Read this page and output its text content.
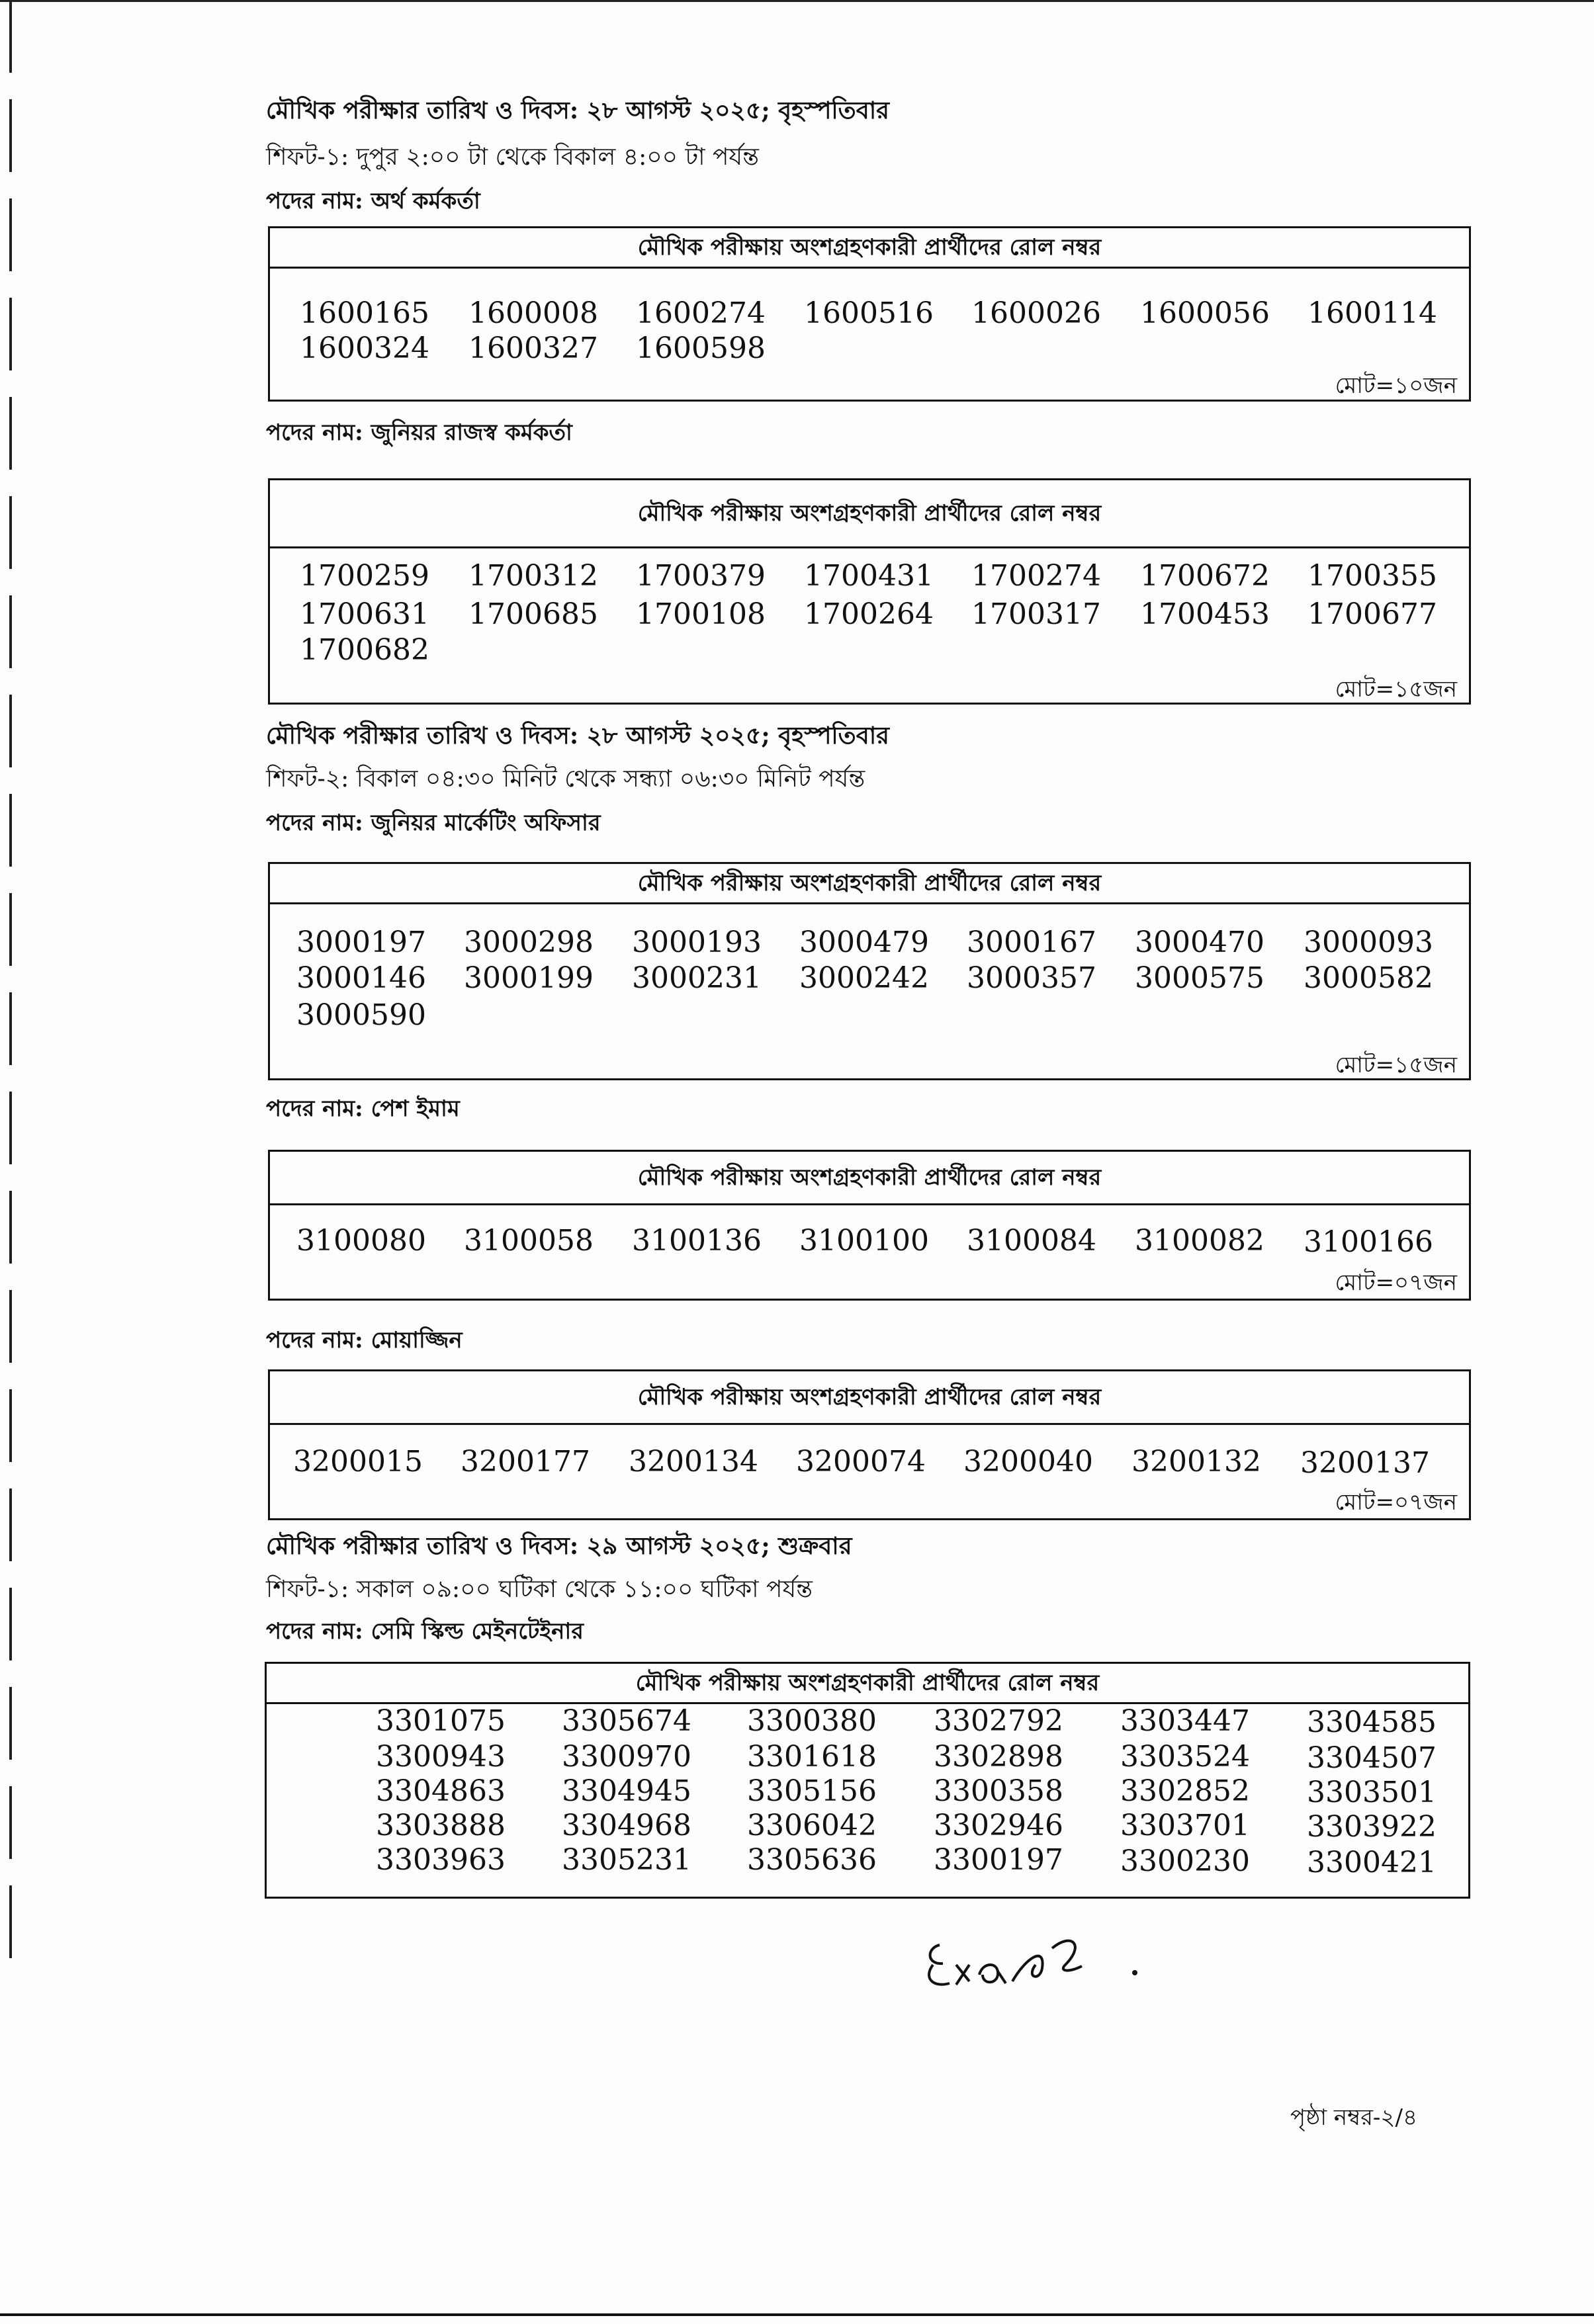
মৌখিক পরীক্ষার তারিখ ও দিবস: ২৮ আগস্ট ২০২৫; বৃহস্পতিবার
শিফট-১: দুপুর ২:০০ টা থেকে বিকাল ৪:০০ টা পর্যন্ত
পদের নাম: অর্থ কর্মকর্তা
মৌখিক পরীক্ষায় অংশগ্রহণকারী প্রার্থীদের রোল নম্বর
1600165 1600008 1600274 1600516 1600026 1600056 1600114
1600324 1600327 1600598
মোট=১০জন
পদের নাম: জুনিয়র রাজস্ব কর্মকর্তা
মৌখিক পরীক্ষায় অংশগ্রহণকারী প্রার্থীদের রোল নম্বর
1700259 1700312 1700379 1700431 1700274 1700672 1700355
1700631 1700685 1700108 1700264 1700317 1700453 1700677
1700682
মোট=১৫জন
মৌখিক পরীক্ষার তারিখ ও দিবস: ২৮ আগস্ট ২০২৫; বৃহস্পতিবার
শিফট-২: বিকাল ০৪:৩০ মিনিট থেকে সন্ধ্যা ০৬:৩০ মিনিট পর্যন্ত
পদের নাম: জুনিয়র মার্কেটিং অফিসার
মৌখিক পরীক্ষায় অংশগ্রহণকারী প্রার্থীদের রোল নম্বর
3000197 3000298 3000193 3000479 3000167 3000470 3000093
3000146 3000199 3000231 3000242 3000357 3000575 3000582
3000590
মোট=১৫জন
পদের নাম: পেশ ইমাম
মৌখিক পরীক্ষায় অংশগ্রহণকারী প্রার্থীদের রোল নম্বর
3100080 3100058 3100136 3100100 3100084 3100082 3100166
মোট=০৭জন
পদের নাম: মোয়াজ্জিন
মৌখিক পরীক্ষায় অংশগ্রহণকারী প্রার্থীদের রোল নম্বর
3200015 3200177 3200134 3200074 3200040 3200132 3200137
মোট=০৭জন
মৌখিক পরীক্ষার তারিখ ও দিবস: ২৯ আগস্ট ২০২৫; শুক্রবার
শিফট-১: সকাল ০৯:০০ ঘটিকা থেকে ১১:০০ ঘটিকা পর্যন্ত
পদের নাম: সেমি স্কিল্ড মেইনটেইনার
মৌখিক পরীক্ষায় অংশগ্রহণকারী প্রার্থীদের রোল নম্বর
3301075 3305674 3300380 3302792 3303447 3304585
3300943 3300970 3301618 3302898 3303524 3304507
3304863 3304945 3305156 3300358 3302852 3303501
3303888 3304968 3306042 3302946 3303701 3303922
3303963 3305231 3305636 3300197 3300230 3300421
পৃষ্ঠা নম্বর-২/৪
